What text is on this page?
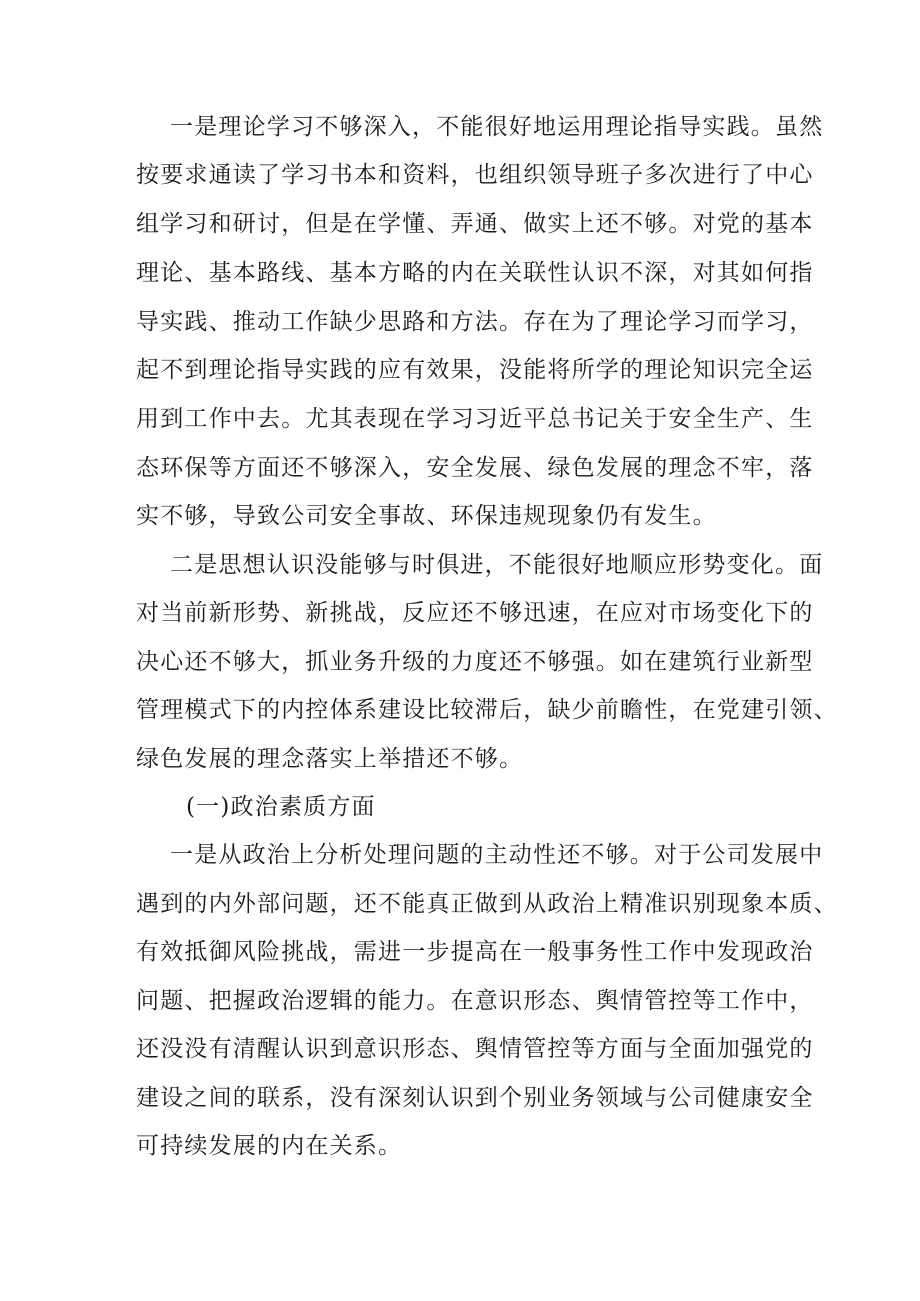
一是理论学习不够深入，不能很好地运用理论指导实践。虽然
按要求通读了学习书本和资料，也组织领导班子多次进行了中心
组学习和研讨，但是在学懂、弄通、做实上还不够。对党的基本
理论、基本路线、基本方略的内在关联性认识不深，对其如何指
导实践、推动工作缺少思路和方法。存在为了理论学习而学习，
起不到理论指导实践的应有效果，没能将所学的理论知识完全运
用到工作中去。尤其表现在学习习近平总书记关于安全生产、生
态环保等方面还不够深入，安全发展、绿色发展的理念不牢，落
实不够，导致公司安全事故、环保违规现象仍有发生。
二是思想认识没能够与时俱进，不能很好地顺应形势变化。面
对当前新形势、新挑战，反应还不够迅速，在应对市场变化下的
决心还不够大，抓业务升级的力度还不够强。如在建筑行业新型
管理模式下的内控体系建设比较滞后，缺少前瞻性，在党建引领、
绿色发展的理念落实上举措还不够。
(一)政治素质方面
一是从政治上分析处理问题的主动性还不够。对于公司发展中
遇到的内外部问题，还不能真正做到从政治上精准识别现象本质、
有效抵御风险挑战，需进一步提高在一般事务性工作中发现政治
问题、把握政治逻辑的能力。在意识形态、舆情管控等工作中，
还没没有清醒认识到意识形态、舆情管控等方面与全面加强党的
建设之间的联系，没有深刻认识到个别业务领域与公司健康安全
可持续发展的内在关系。
